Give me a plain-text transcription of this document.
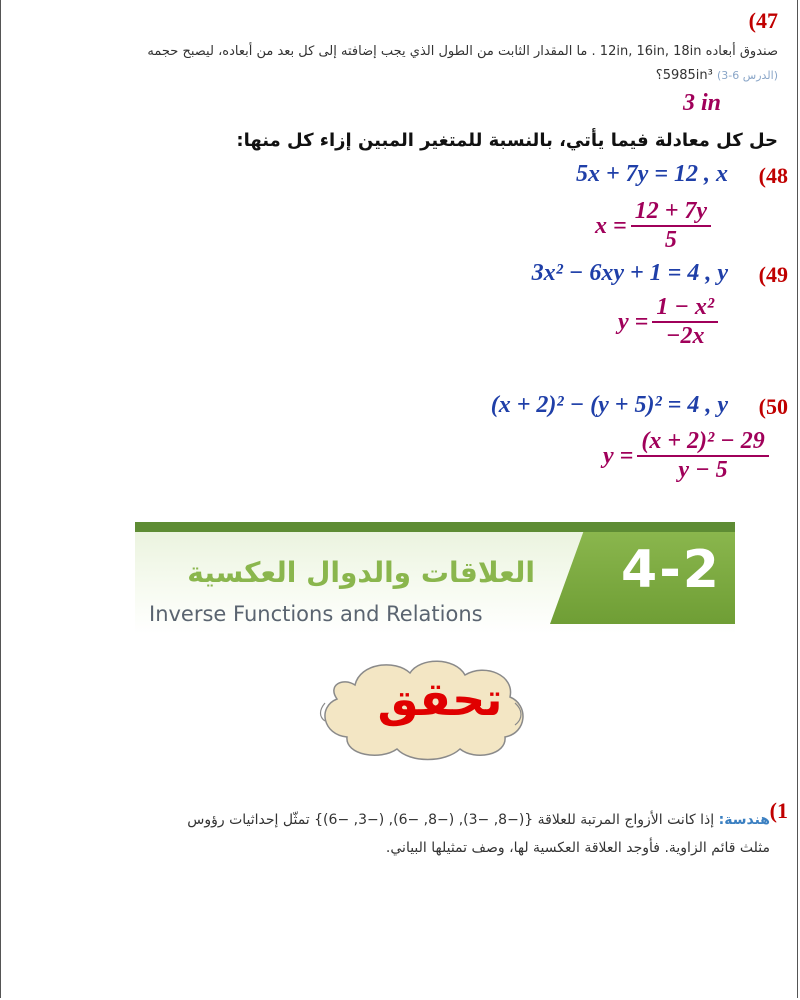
(47
صندوق أبعاده 12in, 16in, 18in . ما المقدار الثابت من الطول الذي يجب إضافته إلى كل بعد من أبعاده، ليصبح حجمه
(الدرس 6-3) 5985in³؟
3 in
حل كل معادلة فيما يأتي، بالنسبة للمتغير المبين إزاء كل منها:
(48
5x + 7y = 12 , x
$x = \frac{12 + 7y}{5}$
(49
3x² − 6xy + 1 = 4 , y
$y = \frac{\text{1 − x²}}{-2x}$
(50
(x + 2)² − (y + 5)² = 4 , y
$y = \frac{\text{(x + 2)² − 29}}{y - 5}$
4-2
العلاقات والدوال العكسية
Inverse Functions and Relations
تحقق
(1
هندسة: إذا كانت الأزواج المرتبة للعلاقة {(−8, −3), (−8, −6), (−3, −6)} تمثّل إحداثيات رؤوس
مثلث قائم الزاوية. فأوجد العلاقة العكسية لها، وصف تمثيلها البياني.
